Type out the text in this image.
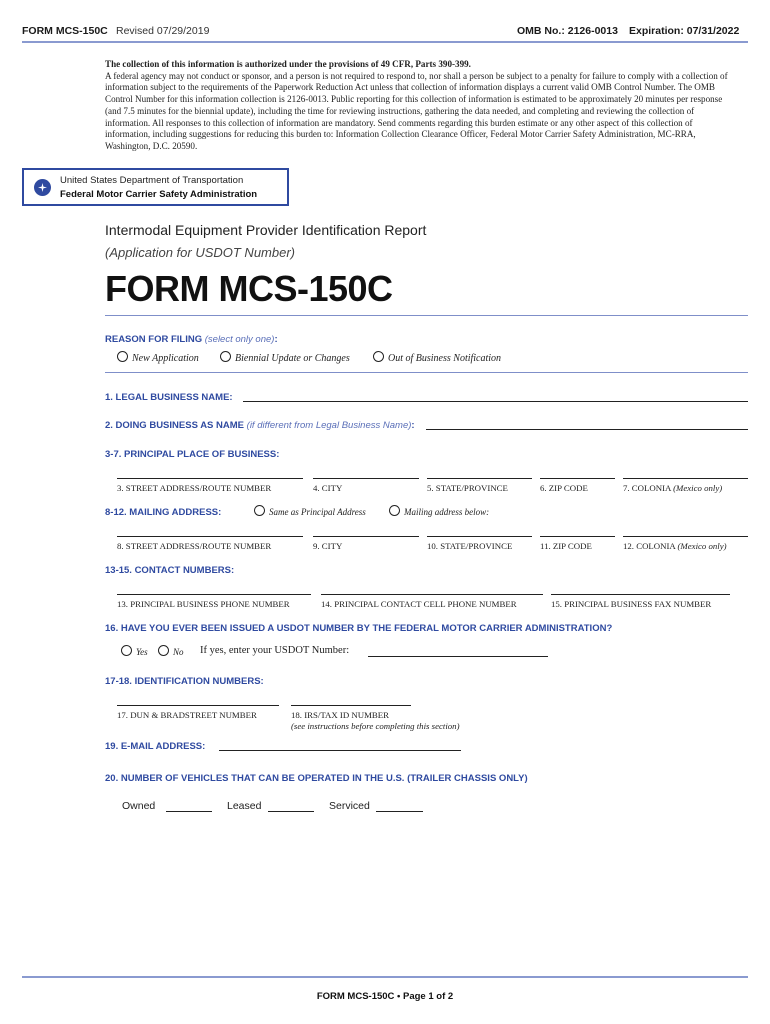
FORM MCS-150C Revised 07/29/2019	OMB No.: 2126-0013 Expiration: 07/31/2022
The collection of this information is authorized under the provisions of 49 CFR, Parts 390-399.
A federal agency may not conduct or sponsor, and a person is not required to respond to, nor shall a person be subject to a penalty for failure to comply with a collection of information subject to the requirements of the Paperwork Reduction Act unless that collection of information displays a current valid OMB Control Number. The OMB Control Number for this information collection is 2126-0013. Public reporting for this collection of information is estimated to be approximately 20 minutes per response (and 7.5 minutes for the biennial update), including the time for reviewing instructions, gathering the data needed, and completing and reviewing the collection of information. All responses to this collection of information are mandatory. Send comments regarding this burden estimate or any other aspect of this collection of information, including suggestions for reducing this burden to: Information Collection Clearance Officer, Federal Motor Carrier Safety Administration, MC-RRA, Washington, D.C. 20590.
United States Department of Transportation
Federal Motor Carrier Safety Administration
Intermodal Equipment Provider Identification Report
(Application for USDOT Number)
FORM MCS-150C
REASON FOR FILING (select only one):
New Application	Biennial Update or Changes	Out of Business Notification
1. LEGAL BUSINESS NAME:
2. DOING BUSINESS AS NAME (if different from Legal Business Name):
3-7. PRINCIPAL PLACE OF BUSINESS:
3. STREET ADDRESS/ROUTE NUMBER	4. CITY	5. STATE/PROVINCE	6. ZIP CODE	7. COLONIA (Mexico only)
8-12. MAILING ADDRESS:	Same as Principal Address	Mailing address below:
8. STREET ADDRESS/ROUTE NUMBER	9. CITY	10. STATE/PROVINCE	11. ZIP CODE	12. COLONIA (Mexico only)
13-15. CONTACT NUMBERS:
13. PRINCIPAL BUSINESS PHONE NUMBER	14. PRINCIPAL CONTACT CELL PHONE NUMBER	15. PRINCIPAL BUSINESS FAX NUMBER
16. HAVE YOU EVER BEEN ISSUED A USDOT NUMBER BY THE FEDERAL MOTOR CARRIER ADMINISTRATION?
Yes	No If yes, enter your USDOT Number:
17-18. IDENTIFICATION NUMBERS:
17. DUN & BRADSTREET NUMBER	18. IRS/TAX ID NUMBER
(see instructions before completing this section)
19. E-MAIL ADDRESS:
20. NUMBER OF VEHICLES THAT CAN BE OPERATED IN THE U.S. (TRAILER CHASSIS ONLY)
Owned	Leased	Serviced
FORM MCS-150C • Page 1 of 2
